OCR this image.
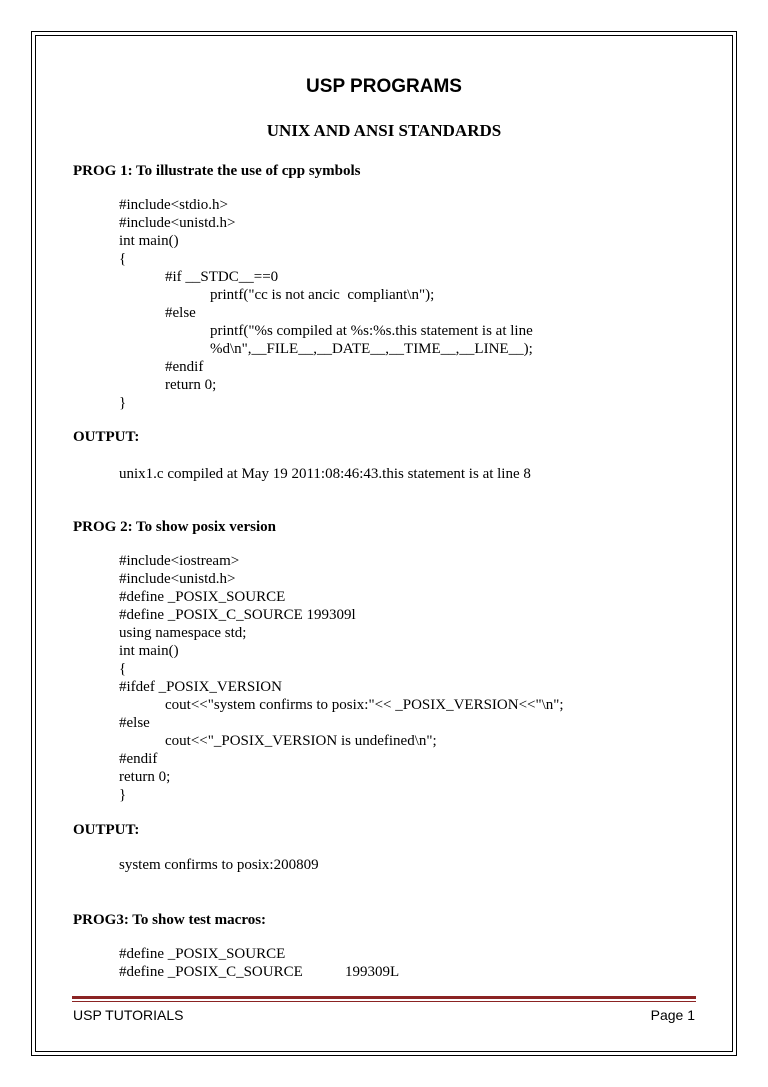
USP PROGRAMS
UNIX AND ANSI STANDARDS
PROG 1: To illustrate the use of cpp symbols
#include<stdio.h>
#include<unistd.h>
int main()
{
#if __STDC__==0
printf("cc is not ancic  compliant\n");
#else
printf("%s compiled at %s:%s.this statement is at line
%d\n",__FILE__,__DATE__,__TIME__,__LINE__);
#endif
return 0;
}
OUTPUT:
unix1.c compiled at May 19 2011:08:46:43.this statement is at line 8
PROG 2: To show posix version
#include<iostream>
#include<unistd.h>
#define _POSIX_SOURCE
#define _POSIX_C_SOURCE 199309l
using namespace std;
int main()
{
#ifdef _POSIX_VERSION
cout<<"system confirms to posix:"<< _POSIX_VERSION<<"\n";
#else
cout<<"_POSIX_VERSION is undefined\n";
#endif
return 0;
}
OUTPUT:
system confirms to posix:200809
PROG3: To show test macros:
#define _POSIX_SOURCE
#define _POSIX_C_SOURCE	199309L
USP TUTORIALS	Page 1
